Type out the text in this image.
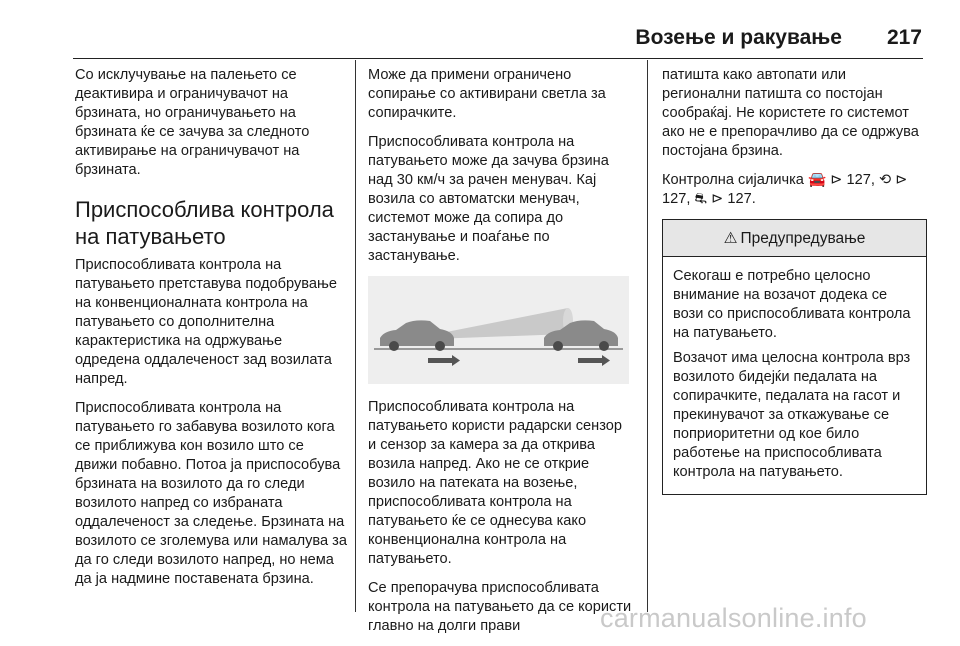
Возење и ракување 217

Со исклучување на палењето се деактивира и ограничувачот на брзината, но ограничувањето на брзината ќе се зачува за следното активирање на ограничувачот на брзината.

Приспособлива контрола на патувањето

Приспособливата контрола на патувањето претставува подобрување на конвенционалната контрола на патувањето со дополнителна карактеристика на одржување одредена оддалеченост зад возилата напред.

Приспособливата контрола на патувањето го забавува возилото кога се приближува кон возило што се движи побавно. Потоа ја приспособува брзината на возилото да го следи возилото напред со избраната оддалеченост за следење. Брзината на возилото се зголемува или намалува за да го следи возилото напред, но нема да ја надмине поставената брзина.

Може да примени ограничено сопирање со активирани светла за сопирачките.

Приспособливата контрола на патувањето може да зачува брзина над 30 км/ч за рачен менувач. Кај возила со автоматски менувач, системот може да сопира до застанување и поаѓање по застанување.

Приспособливата контрола на патувањето користи радарски сензор и сензор за камера за да открива возила напред. Ако не се открие возило на патеката на возење, приспособливата контрола на патувањето ќе се однесува како конвенционална контрола на патувањето.

Се препорачува приспособливата контрола на патувањето да се користи главно на долги прави

патишта како автопати или регионални патишта со постојан сообраќај. Не користете го системот ако не е препорачливо да се одржува постојана брзина.

Контролна сијаличка 🚘 ⊳ 127, ⟲ ⊳ 127, ⛐ ⊳ 127.

⚠ Предупредување

Секогаш е потребно целосно внимание на возачот додека се вози со приспособливата контрола на патувањето.

Возачот има целосна контрола врз возилото бидејќи педалата на сопирачките, педалата на гасот и прекинувачот за откажување се поприоритетни од кое било работење на приспособливата контрола на патувањето.

carmanualsonline.info
